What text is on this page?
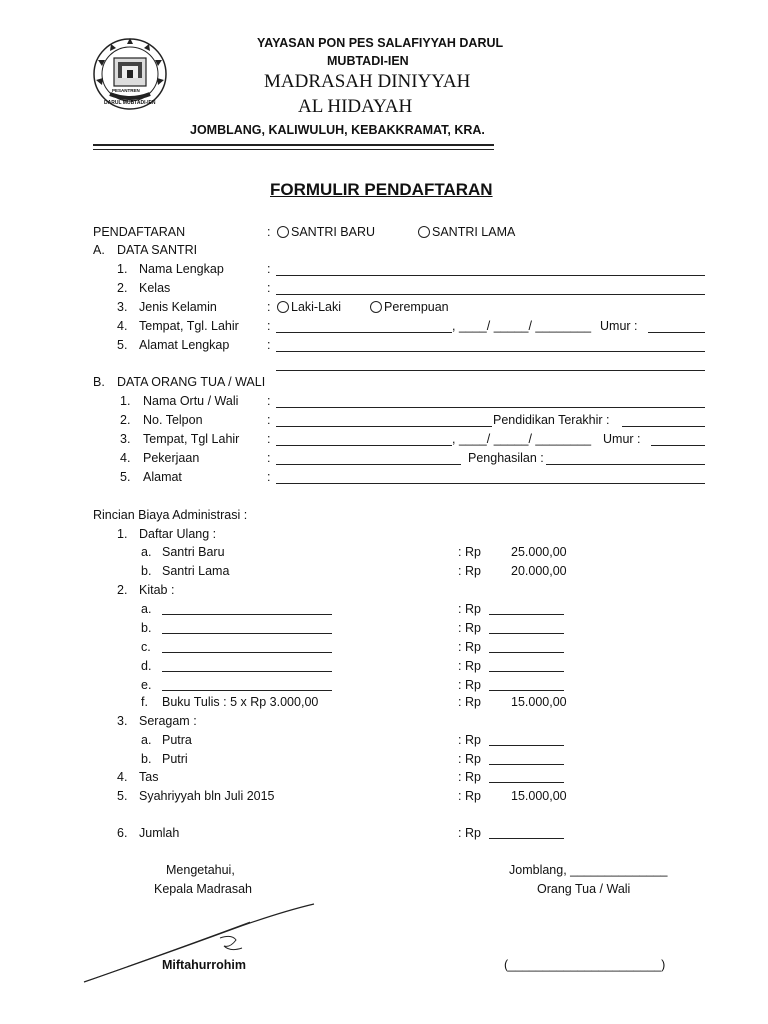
PESANTREN
DARUL MUBTADI-IEN
YAYASAN PON PES SALAFIYYAH DARUL
MUBTADI-IEN
MADRASAH DINIYYAH
AL HIDAYAH
JOMBLANG, KALIWULUH, KEBAKKRAMAT, KRA.
FORMULIR PENDAFTARAN
PENDAFTARAN	:	SANTRI BARU	SANTRI LAMA
A. DATA SANTRI
1. Nama Lengkap	:
2. Kelas	:
3. Jenis Kelamin	:	Laki-Laki	Perempuan
4. Tempat, Tgl. Lahir :	, ____/ _____/ ________ Umur :
5. Alamat Lengkap	:
B. DATA ORANG TUA / WALI
1. Nama Ortu / Wali :
2. No. Telpon	:	Pendidikan Terakhir :
3. Tempat, Tgl Lahir :	, ____/ _____/ ________ Umur :
4. Pekerjaan	:	Penghasilan :
5. Alamat	:
Rincian Biaya Administrasi :
1. Daftar Ulang :
a. Santri Baru	: Rp 25.000,00
b. Santri Lama	: Rp 20.000,00
2. Kitab :
a.	: Rp
b.	: Rp
c.	: Rp
d.	: Rp
e.	: Rp
f. Buku Tulis : 5 x Rp 3.000,00	: Rp 15.000,00
3. Seragam :
a. Putra	: Rp
b. Putri	: Rp
4. Tas	: Rp
5. Syahriyyah bln Juli 2015	: Rp 15.000,00
6. Jumlah	: Rp
Mengetahui,
Kepala Madrasah
Jomblang, ______________
Orang Tua / Wali
Miftahurrohim	(______________________)
